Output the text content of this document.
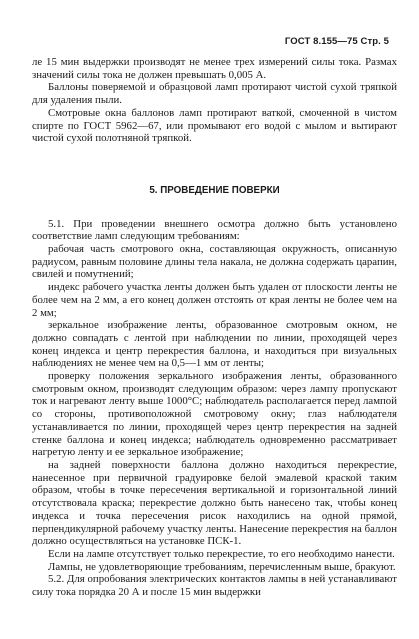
ГОСТ 8.155—75 Стр. 5

ле 15 мин выдержки производят не менее трех измерений силы тока. Размах значений силы тока не должен превышать 0,005 А.

Баллоны поверяемой и образцовой ламп протирают чистой сухой тряпкой для удаления пыли.

Смотровые окна баллонов ламп протирают ваткой, смоченной в чистом спирте по ГОСТ 5962—67, или промывают его водой с мылом и вытирают чистой сухой полотняной тряпкой.

5. ПРОВЕДЕНИЕ ПОВЕРКИ

5.1. При проведении внешнего осмотра должно быть установлено соответствие ламп следующим требованиям:

рабочая часть смотрового окна, составляющая окружность, описанную радиусом, равным половине длины тела накала, не должна содержать царапин, свилей и помутнений;

индекс рабочего участка ленты должен быть удален от плоскости ленты не более чем на 2 мм, а его конец должен отстоять от края ленты не более чем на 2 мм;

зеркальное изображение ленты, образованное смотровым окном, не должно совпадать с лентой при наблюдении по линии, проходящей через конец индекса и центр перекрестия баллона, и находиться при визуальных наблюдениях не менее чем на 0,5—1 мм от ленты;

проверку положения зеркального изображения ленты, образованного смотровым окном, производят следующим образом: через лампу пропускают ток и нагревают ленту выше 1000°С; наблюдатель располагается перед лампой со стороны, противоположной смотровому окну; глаз наблюдателя устанавливается по линии, проходящей через центр перекрестия на задней стенке баллона и конец индекса; наблюдатель одновременно рассматривает нагретую ленту и ее зеркальное изображение;

на задней поверхности баллона должно находиться перекрестие, нанесенное при первичной градуировке белой эмалевой краской таким образом, чтобы в точке пересечения вертикальной и горизонтальной линий отсутствовала краска; перекрестие должно быть нанесено так, чтобы конец индекса и точка пересечения рисок находились на одной прямой, перпендикулярной рабочему участку ленты. Нанесение перекрестия на баллон должно осуществляться на установке ПСК-1.

Если на лампе отсутствует только перекрестие, то его необходимо нанести.

Лампы, не удовлетворяющие требованиям, перечисленным выше, бракуют.

5.2. Для опробования электрических контактов лампы в ней устанавливают силу тока порядка 20 А и после 15 мин выдержки
